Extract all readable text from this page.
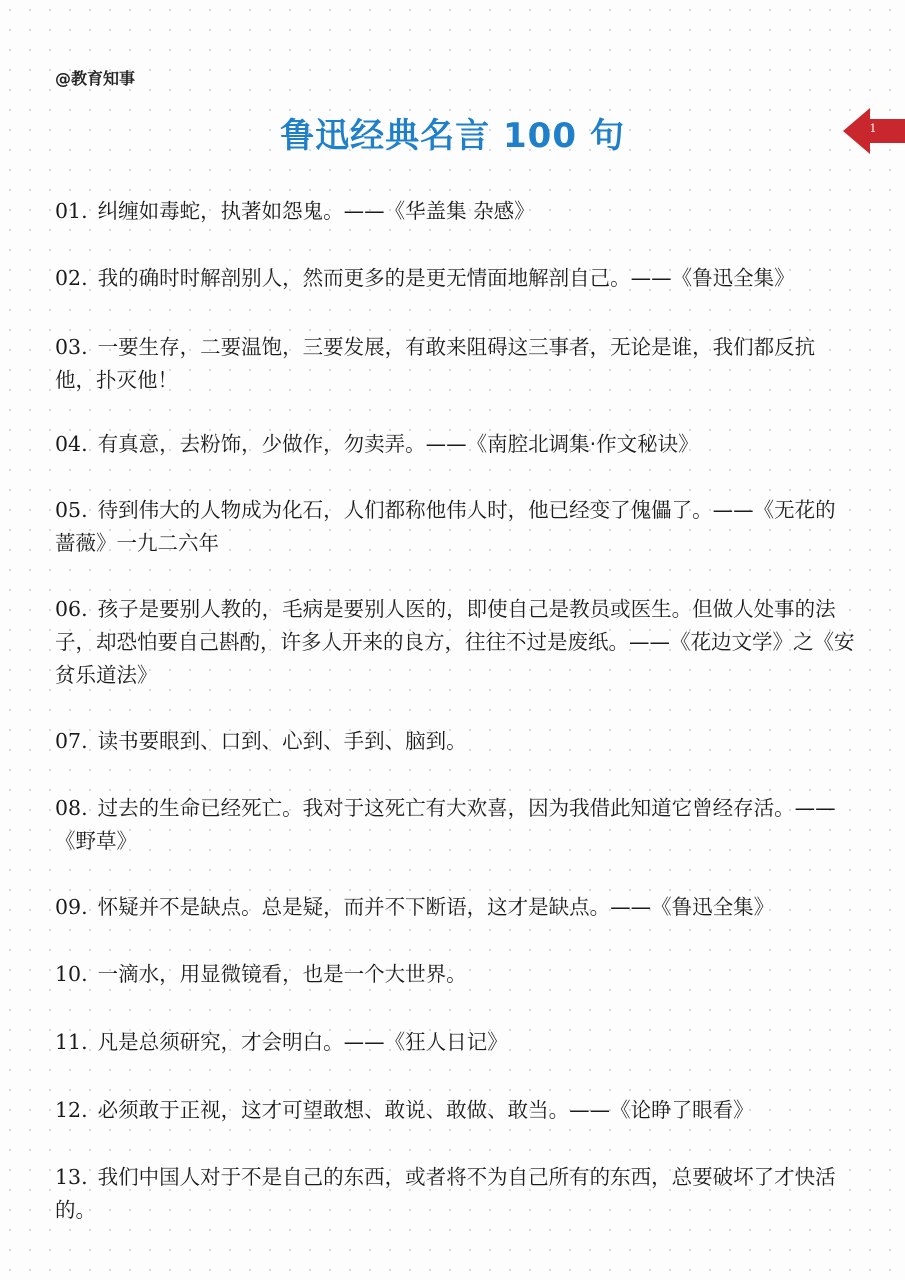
@教育知事
鲁迅经典名言 100 句	1

01. 纠缠如毒蛇，执著如怨鬼。——《华盖集 杂感》

02. 我的确时时解剖别人，然而更多的是更无情面地解剖自己。——《鲁迅全集》

03. 一要生存，二要温饱，三要发展，有敢来阻碍这三事者，无论是谁，我们都反抗他，扑灭他！

04. 有真意，去粉饰，少做作，勿卖弄。——《南腔北调集·作文秘诀》

05. 待到伟大的人物成为化石，人们都称他伟人时，他已经变了傀儡了。——《无花的蔷薇》一九二六年

06. 孩子是要别人教的，毛病是要别人医的，即使自己是教员或医生。但做人处事的法子，却恐怕要自己斟酌，许多人开来的良方，往往不过是废纸。——《花边文学》之《安贫乐道法》

07. 读书要眼到、口到、心到、手到、脑到。

08. 过去的生命已经死亡。我对于这死亡有大欢喜，因为我借此知道它曾经存活。——《野草》

09. 怀疑并不是缺点。总是疑，而并不下断语，这才是缺点。——《鲁迅全集》

10. 一滴水，用显微镜看，也是一个大世界。

11. 凡是总须研究，才会明白。——《狂人日记》

12. 必须敢于正视，这才可望敢想、敢说、敢做、敢当。——《论睁了眼看》

13. 我们中国人对于不是自己的东西，或者将不为自己所有的东西，总要破坏了才快活的。
